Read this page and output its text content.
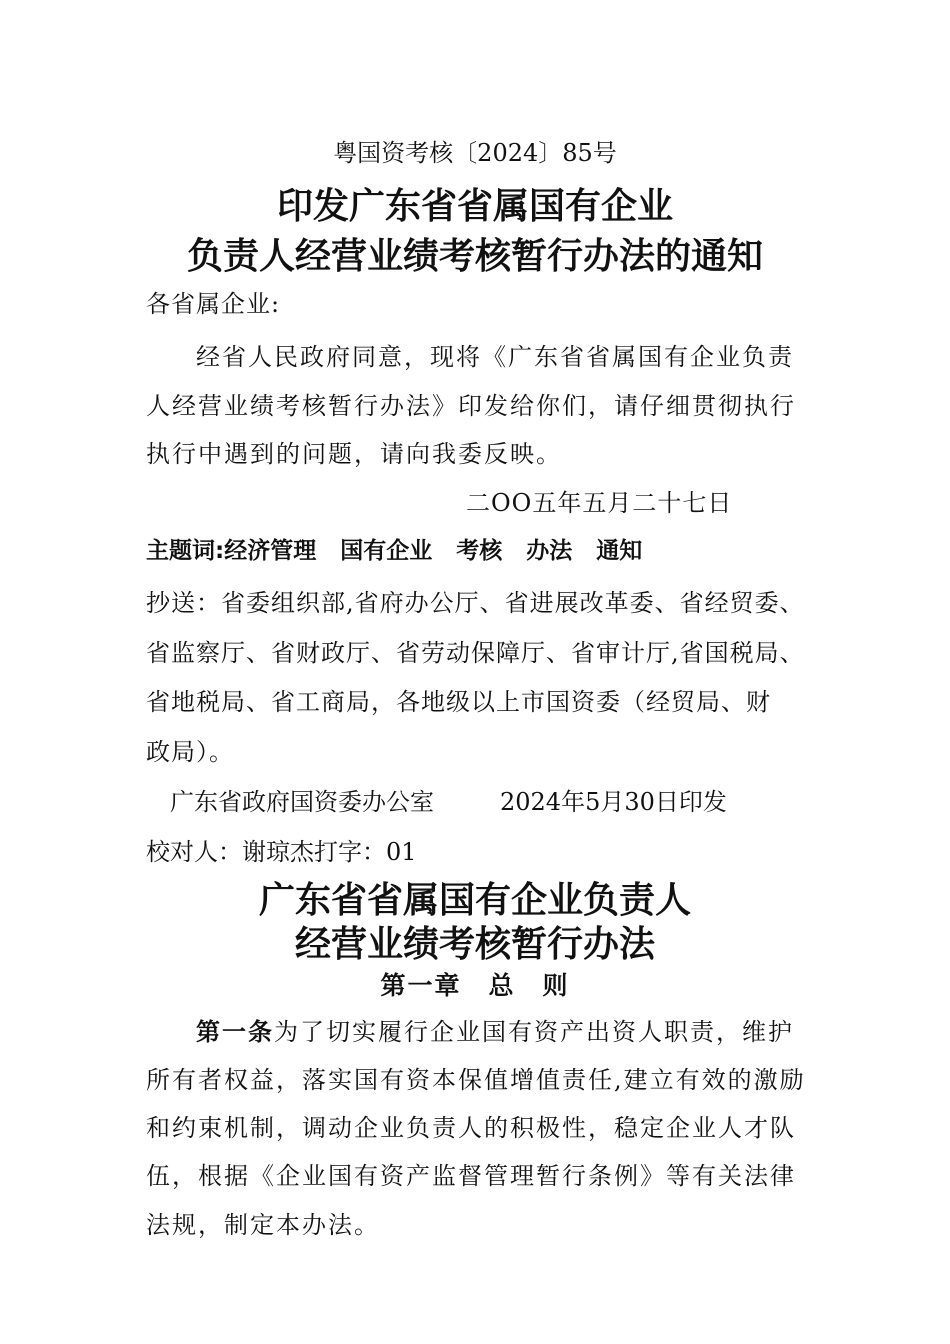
粤国资考核〔2024〕85号
印发广东省省属国有企业
负责人经营业绩考核暂行办法的通知
各省属企业:
经省人民政府同意，现将《广东省省属国有企业负责
人经营业绩考核暂行办法》印发给你们，请仔细贯彻执行
执行中遇到的问题，请向我委反映。
二OO五年五月二十七日
主题词:经济管理 国有企业 考核 办法 通知
抄送：省委组织部,省府办公厅、省进展改革委、省经贸委、
省监察厅、省财政厅、省劳动保障厅、省审计厅,省国税局、
省地税局、省工商局，各地级以上市国资委（经贸局、财
政局）。
广东省政府国资委办公室	2024年5月30日印发
校对人：谢琼杰打字：01
广东省省属国有企业负责人
经营业绩考核暂行办法
第一章　总　则
第一条为了切实履行企业国有资产出资人职责，维护
所有者权益，落实国有资本保值增值责任,建立有效的激励
和约束机制，调动企业负责人的积极性，稳定企业人才队
伍，根据《企业国有资产监督管理暂行条例》等有关法律
法规，制定本办法。
